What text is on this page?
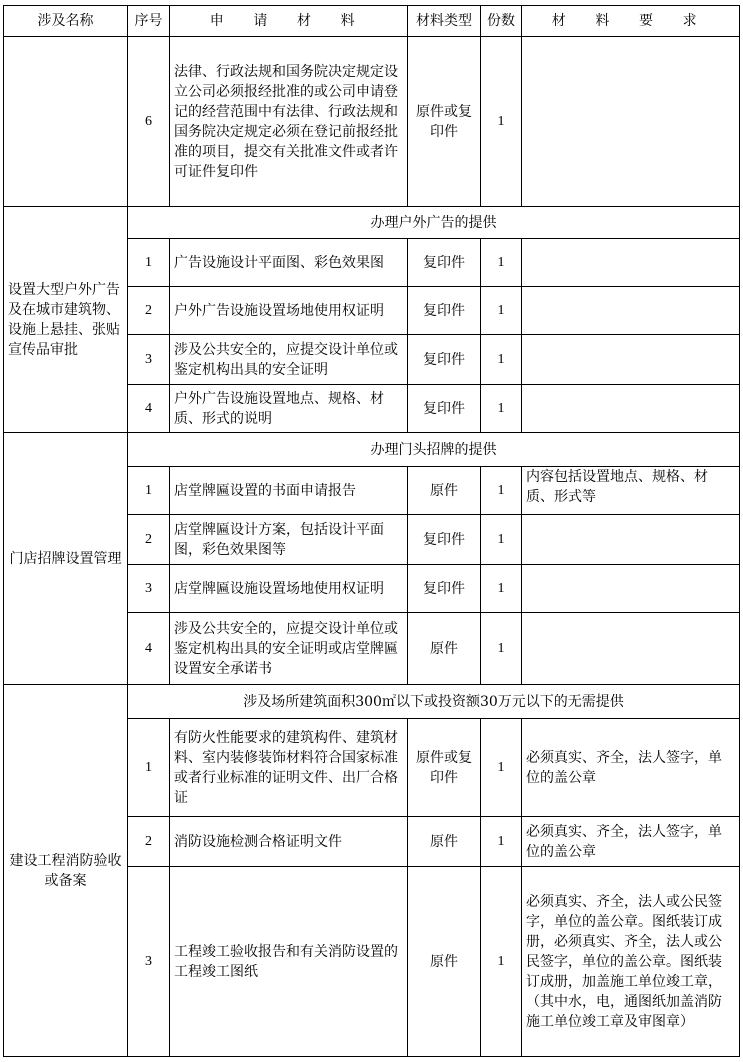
涉及名称	序号	申 请 材 料	材料类型	份数	材 料 要 求
	6	法律、行政法规和国务院决定规定设立公司必须报经批准的或公司申请登记的经营范围中有法律、行政法规和国务院决定规定必须在登记前报经批准的项目，提交有关批准文件或者许可证件复印件	原件或复印件	1	
设置大型户外广告及在城市建筑物、设施上悬挂、张贴宣传品审批	办理户外广告的提供				
	1	广告设施设计平面图、彩色效果图	复印件	1	
	2	户外广告设施设置场地使用权证明	复印件	1	
	3	涉及公共安全的，应提交设计单位或鉴定机构出具的安全证明	复印件	1	
	4	户外广告设施设置地点、规格、材质、形式的说明	复印件	1	
门店招牌设置管理	办理门头招牌的提供				
	1	店堂牌匾设置的书面申请报告	原件	1	内容包括设置地点、规格、材质、形式等
	2	店堂牌匾设计方案，包括设计平面图，彩色效果图等	复印件	1	
	3	店堂牌匾设施设置场地使用权证明	复印件	1	
	4	涉及公共安全的，应提交设计单位或鉴定机构出具的安全证明或店堂牌匾设置安全承诺书	原件	1	
建设工程消防验收或备案	涉及场所建筑面积300㎡以下或投资额30万元以下的无需提供				
	1	有防火性能要求的建筑构件、建筑材料、室内装修装饰材料符合国家标准或者行业标准的证明文件、出厂合格证	原件或复印件	1	必须真实、齐全，法人签字，单位的盖公章
	2	消防设施检测合格证明文件	原件	1	必须真实、齐全，法人签字，单位的盖公章
	3	工程竣工验收报告和有关消防设置的工程竣工图纸	原件	1	必须真实、齐全，法人或公民签字，单位的盖公章。图纸装订成册，必须真实、齐全，法人或公民签字，单位的盖公章。图纸装订成册，加盖施工单位竣工章，（其中水，电，通图纸加盖消防施工单位竣工章及审图章）
